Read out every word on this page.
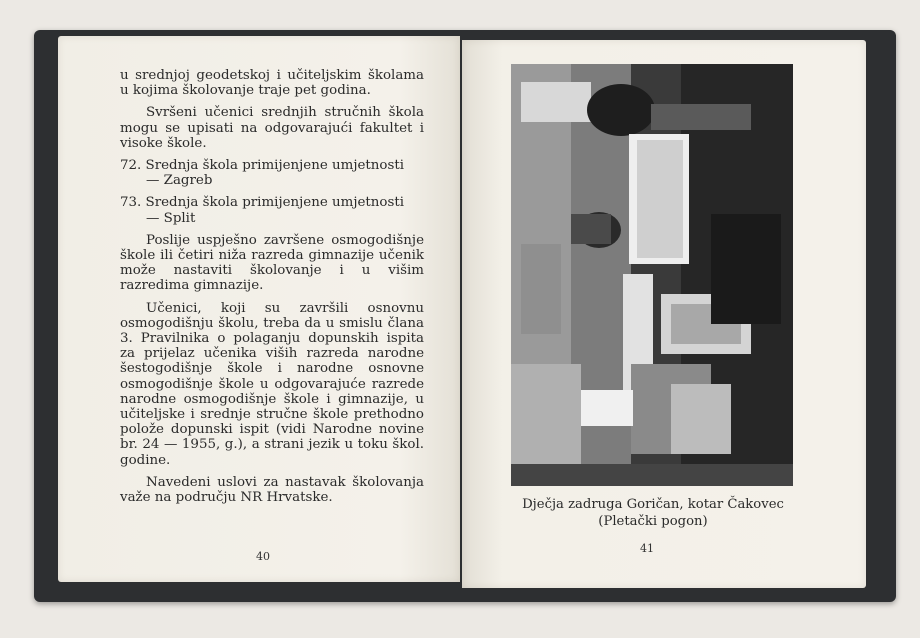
u srednjoj geodetskoj i učiteljskim školama u kojima školovanje traje pet godina.

Svršeni učenici srednjih stručnih škola mogu se upisati na odgovarajući fakultet i visoke škole.

72. Srednja škola primijenjene umjetnosti

— Zagreb

73. Srednja škola primijenjene umjetnosti

— Split

Poslije uspješno završene osmogodišnje škole ili četiri niža razreda gimnazije učenik može nastaviti školovanje i u višim razredima gimnazije.

Učenici, koji su završili osnovnu osmogodišnju školu, treba da u smislu člana 3. Pravilnika o polaganju dopunskih ispita za prijelaz učenika viših razreda narodne šestogodišnje škole i narodne osnovne osmogodišnje škole u odgovarajuće razrede narodne osmogodišnje škole i gimnazije, u učiteljske i srednje stručne škole prethodno polože dopunski ispit (vidi Narodne novine br. 24 — 1955, g.), a strani jezik u toku škol. godine.

Navedeni uslovi za nastavak školovanja važe na području NR Hrvatske.

40
Dječja zadruga Goričan, kotar Čakovec
(Pletački pogon)
41
